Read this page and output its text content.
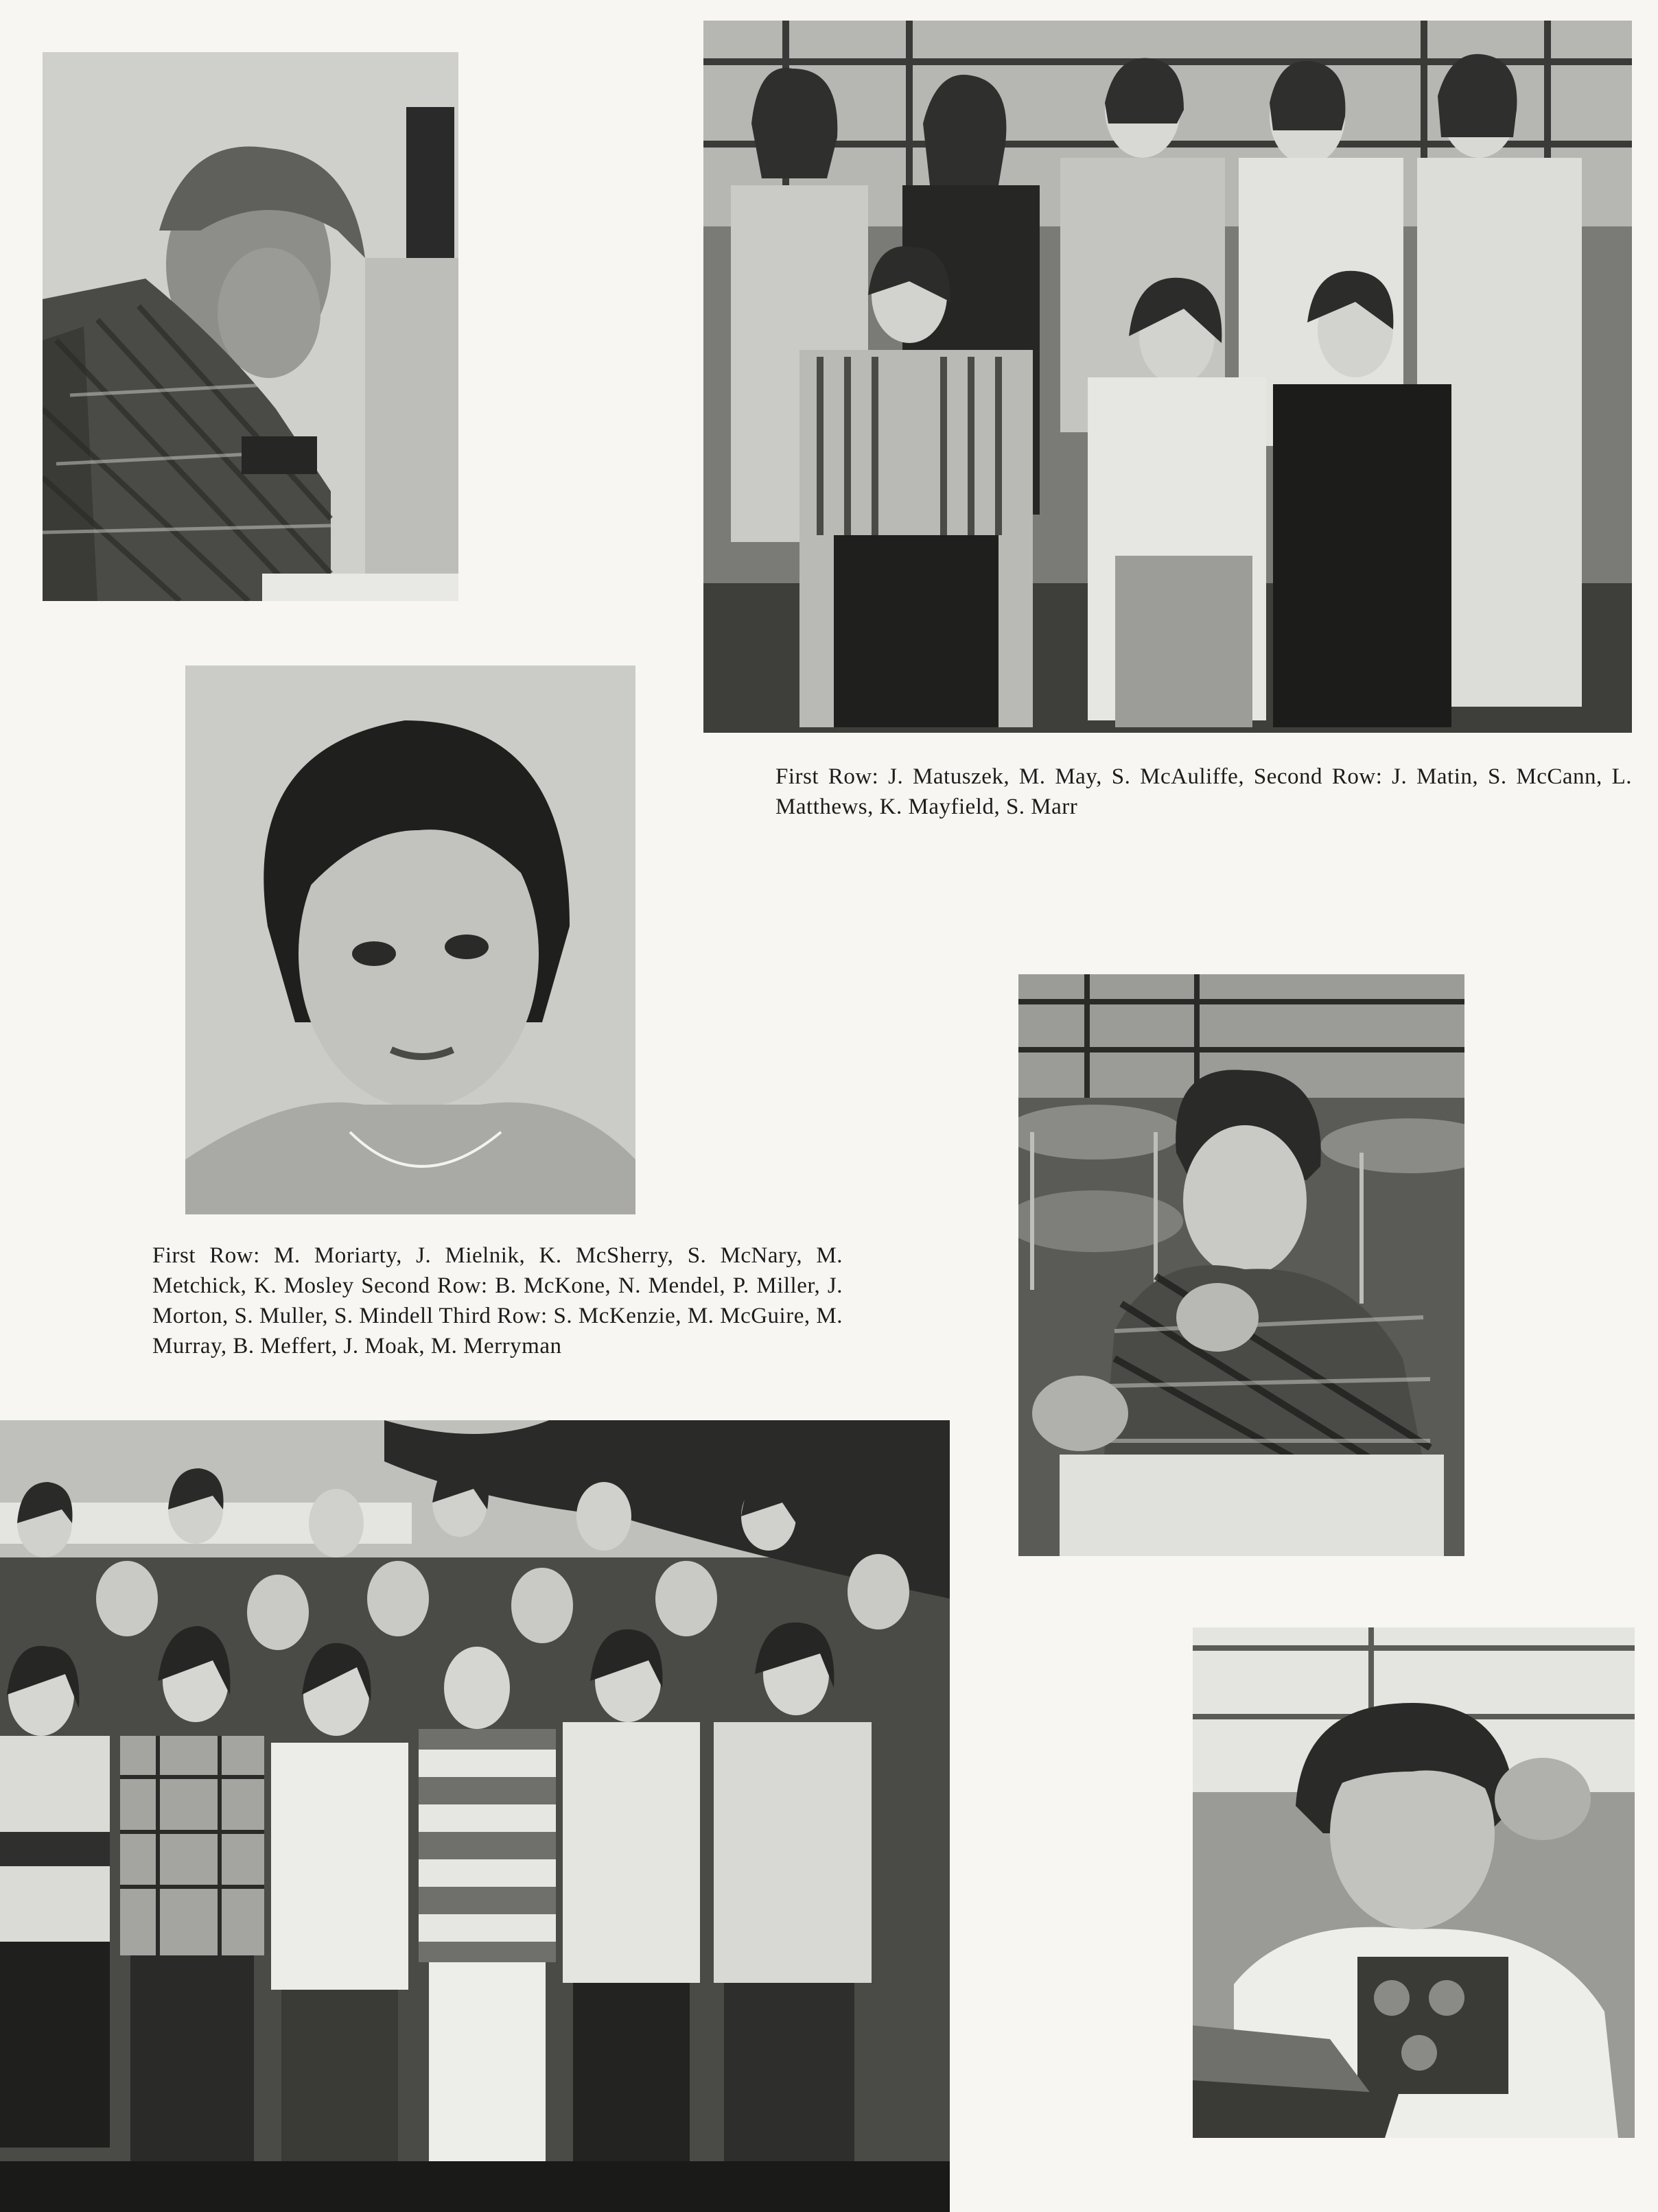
First Row: J. Matuszek, M. May, S. McAuliffe, Second Row: J. Matin, S. McCann, L. Matthews, K. Mayfield, S. Marr
First Row: M. Moriarty, J. Mielnik, K. McSherry, S. McNary, M. Metchick, K. Mosley Second Row: B. McKone, N. Mendel, P. Miller, J. Morton, S. Muller, S. Mindell Third Row: S. McKenzie, M. McGuire, M. Murray, B. Meffert, J. Moak, M. Merryman
